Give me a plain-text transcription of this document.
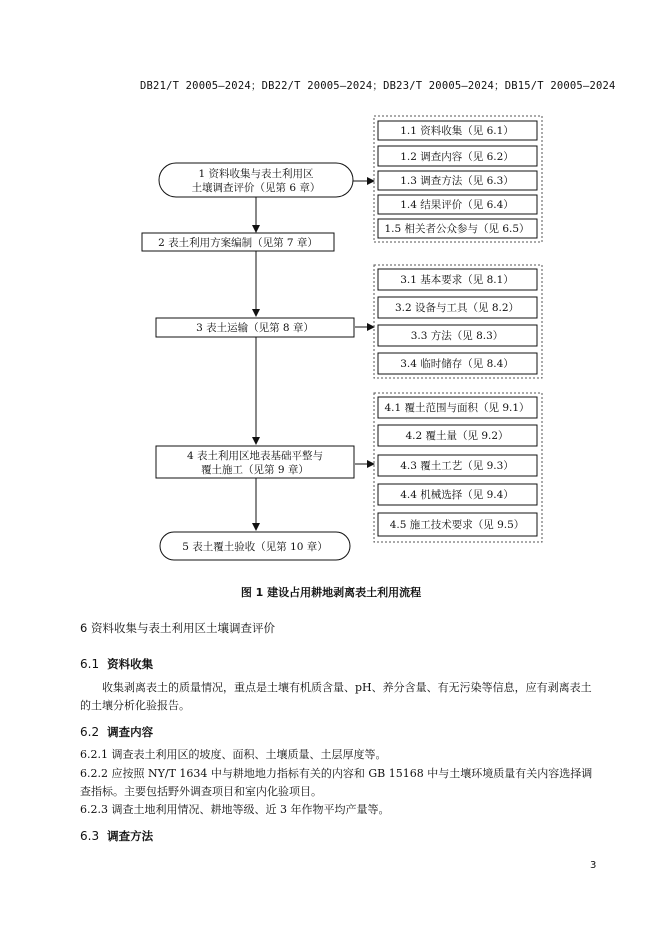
DB21/T 20005—2024；DB22/T 20005—2024；DB23/T 20005—2024；DB15/T 20005—2024
1 资料收集与表土利用区
土壤调查评价（见第 6 章）
2 表土利用方案编制（见第 7 章）
3 表土运输（见第 8 章）
4 表土利用区地表基础平整与
覆土施工（见第 9 章）
5 表土覆土验收（见第 10 章）
1.1 资料收集（见 6.1）
1.2 调查内容（见 6.2）
1.3 调查方法（见 6.3）
1.4 结果评价（见 6.4）
1.5 相关者公众参与（见 6.5）
3.1 基本要求（见 8.1）
3.2 设备与工具（见 8.2）
3.3 方法（见 8.3）
3.4 临时储存（见 8.4）
4.1 覆土范围与面积（见 9.1）
4.2 覆土量（见 9.2）
4.3 覆土工艺（见 9.3）
4.4 机械选择（见 9.4）
4.5 施工技术要求（见 9.5）
图 1 建设占用耕地剥离表土利用流程
6 资料收集与表土利用区土壤调查评价
6.1 资料收集
　　收集剥离表土的质量情况，重点是土壤有机质含量、pH、养分含量、有无污染等信息，应有剥离表土的土壤分析化验报告。
6.2 调查内容
6.2.1 调查表土利用区的坡度、面积、土壤质量、土层厚度等。
6.2.2 应按照 NY/T 1634 中与耕地地力指标有关的内容和 GB 15168 中与土壤环境质量有关内容选择调查指标。主要包括野外调查项目和室内化验项目。
6.2.3 调查土地利用情况、耕地等级、近 3 年作物平均产量等。
6.3 调查方法
3
